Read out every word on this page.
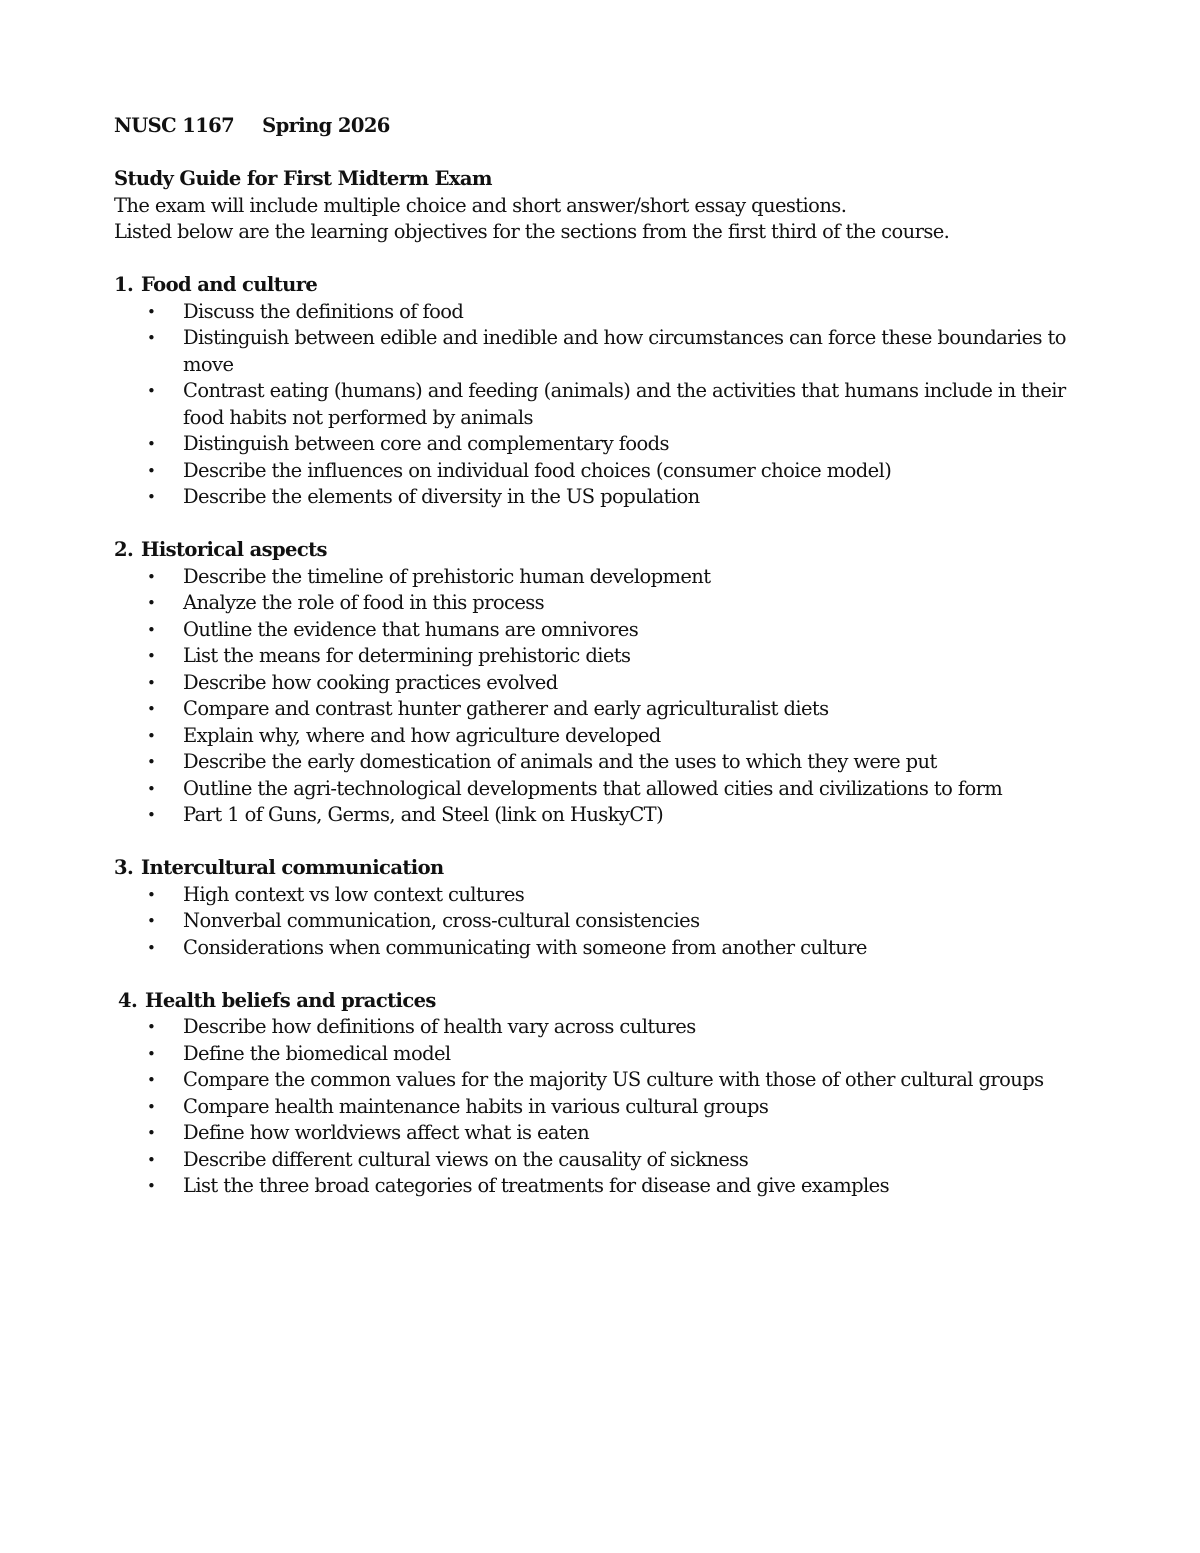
NUSC 1167 Spring 2026

Study Guide for First Midterm Exam

The exam will include multiple choice and short answer/short essay questions.

Listed below are the learning objectives for the sections from the first third of the course.

1. Food and culture

• Discuss the definitions of food
• Distinguish between edible and inedible and how circumstances can force these boundaries to move
• Contrast eating (humans) and feeding (animals) and the activities that humans include in their food habits not performed by animals
• Distinguish between core and complementary foods
• Describe the influences on individual food choices (consumer choice model)
• Describe the elements of diversity in the US population

2. Historical aspects

• Describe the timeline of prehistoric human development
• Analyze the role of food in this process
• Outline the evidence that humans are omnivores
• List the means for determining prehistoric diets
• Describe how cooking practices evolved
• Compare and contrast hunter gatherer and early agriculturalist diets
• Explain why, where and how agriculture developed
• Describe the early domestication of animals and the uses to which they were put
• Outline the agri-technological developments that allowed cities and civilizations to form
• Part 1 of Guns, Germs, and Steel (link on HuskyCT)

3. Intercultural communication

• High context vs low context cultures
• Nonverbal communication, cross-cultural consistencies
• Considerations when communicating with someone from another culture

4. Health beliefs and practices

• Describe how definitions of health vary across cultures
• Define the biomedical model
• Compare the common values for the majority US culture with those of other cultural groups
• Compare health maintenance habits in various cultural groups
• Define how worldviews affect what is eaten
• Describe different cultural views on the causality of sickness
• List the three broad categories of treatments for disease and give examples
